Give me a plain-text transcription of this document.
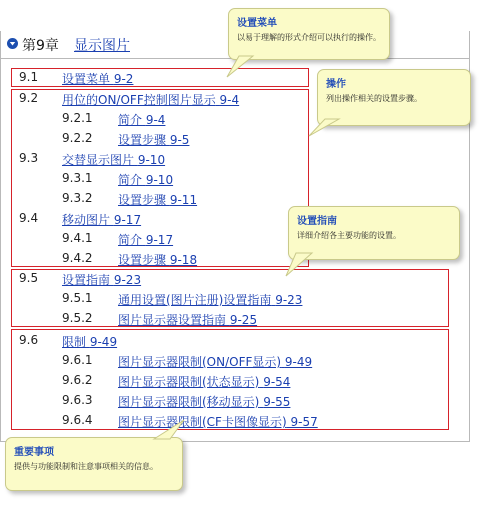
第9章 显示图片
9.1 设置菜单 9-2
9.2 用位的ON/OFF控制图片显示 9-4
9.2.1 简介 9-4
9.2.2 设置步骤 9-5
9.3 交替显示图片 9-10
9.3.1 简介 9-10
9.3.2 设置步骤 9-11
9.4 移动图片 9-17
9.4.1 简介 9-17
9.4.2 设置步骤 9-18
9.5 设置指南 9-23
9.5.1 通用设置(图片注册)设置指南 9-23
9.5.2 图片显示器设置指南 9-25
9.6 限制 9-49
9.6.1 图片显示器限制(ON/OFF显示) 9-49
9.6.2 图片显示器限制(状态显示) 9-54
9.6.3 图片显示器限制(移动显示) 9-55
9.6.4 图片显示器限制(CF卡图像显示) 9-57
设置菜单
以易于理解的形式介绍可以执行的操作。
操作
列出操作相关的设置步骤。
设置指南
详细介绍各主要功能的设置。
重要事项
提供与功能限制和注意事项相关的信息。
